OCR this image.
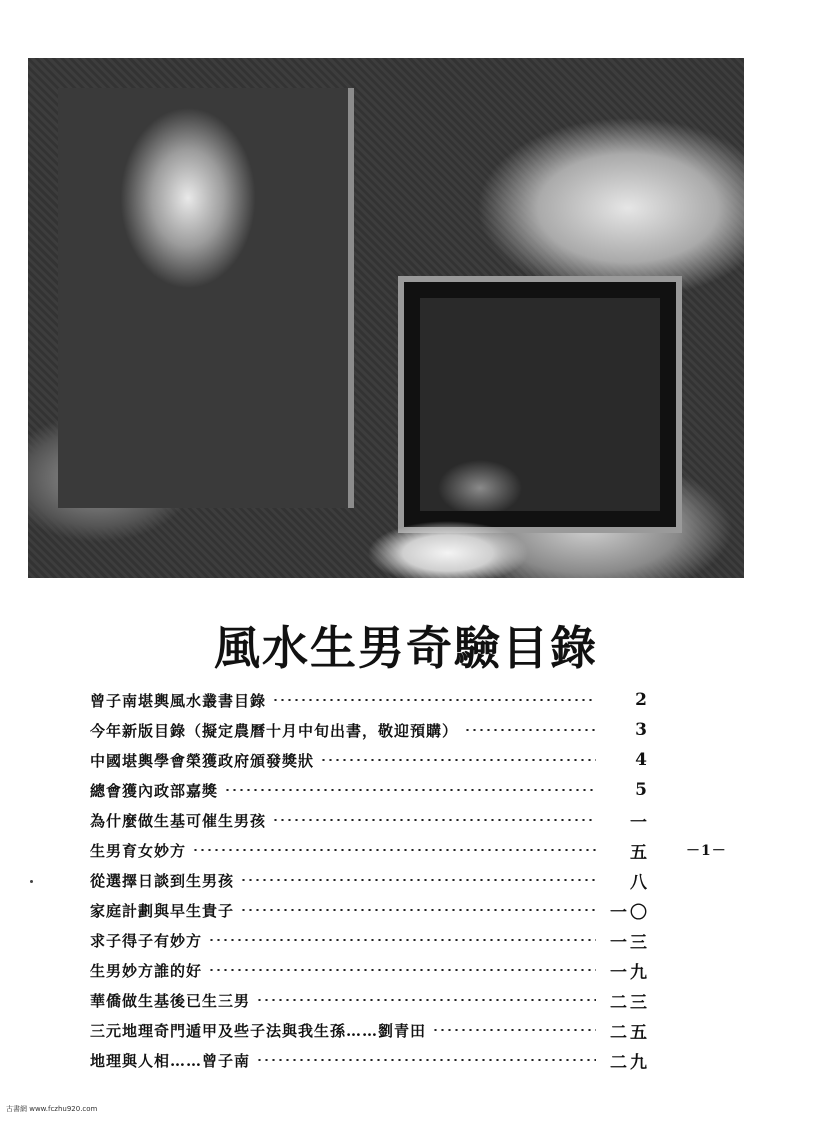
風水生男奇驗目錄
曾子南堪輿風水叢書目錄	2
今年新版目錄（擬定農曆十月中旬出書，敬迎預購）	3
中國堪輿學會榮獲政府頒發獎狀	4
總會獲內政部嘉獎	5
為什麼做生基可催生男孩	一
生男育女妙方	五
從選擇日談到生男孩	八
家庭計劃與早生貴子	一〇
求子得子有妙方	一三
生男妙方誰的好	一九
華僑做生基後已生三男	二三
三元地理奇門遁甲及些子法與我生孫……劉青田	二五
地理與人相……曾子南	二九
－1－
古書網 www.fczhu920.com
